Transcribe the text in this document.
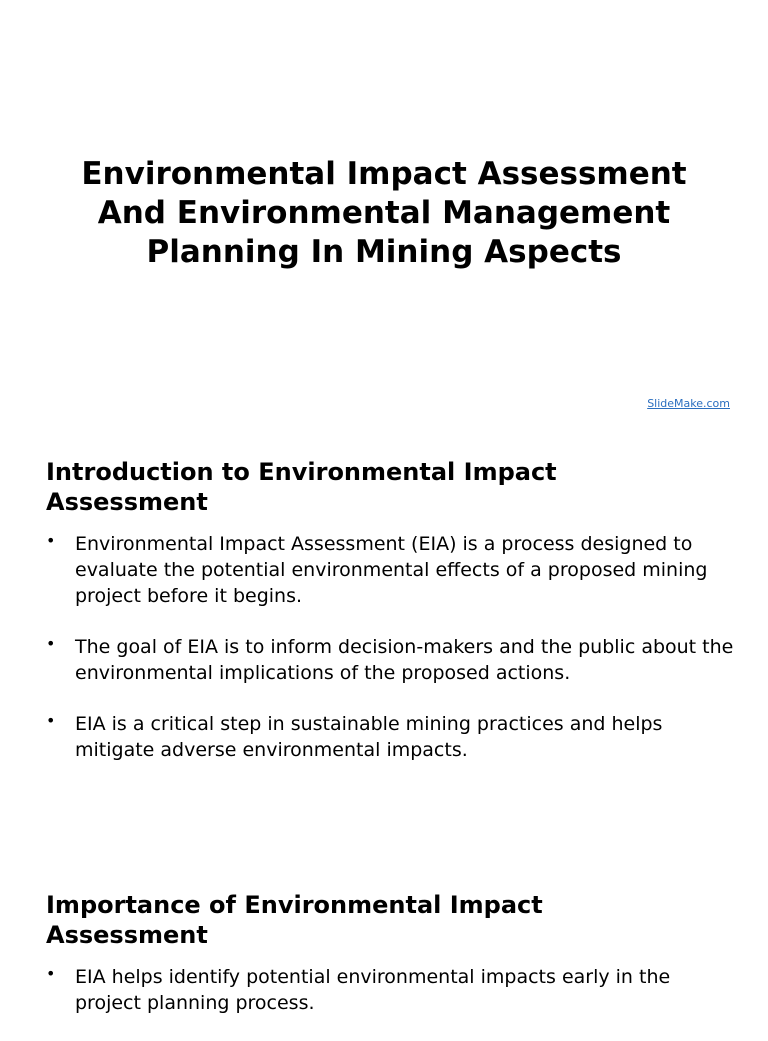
Environmental Impact Assessment
And Environmental Management
Planning In Mining Aspects
SlideMake.com
Introduction to Environmental Impact
Assessment
• Environmental Impact Assessment (EIA) is a process designed to evaluate the potential environmental effects of a proposed mining project before it begins.
• The goal of EIA is to inform decision-makers and the public about the environmental implications of the proposed actions.
• EIA is a critical step in sustainable mining practices and helps mitigate adverse environmental impacts.
Importance of Environmental Impact
Assessment
• EIA helps identify potential environmental impacts early in the project planning process.
